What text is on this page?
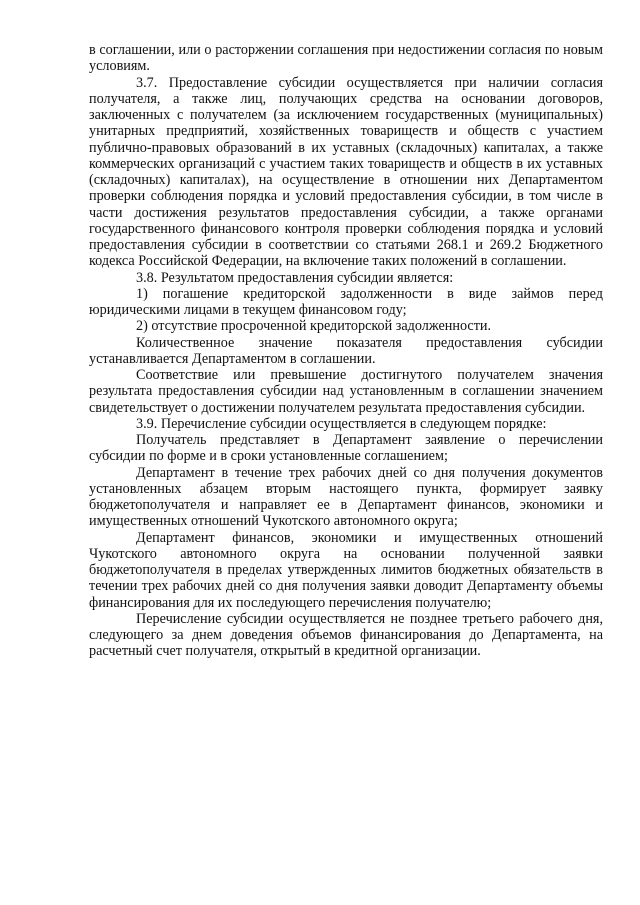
в соглашении, или о расторжении соглашения при недостижении согласия по новым условиям.

3.7. Предоставление субсидии осуществляется при наличии согласия получателя, а также лиц, получающих средства на основании договоров, заключенных с получателем (за исключением государственных (муниципальных) унитарных предприятий, хозяйственных товариществ и обществ с участием публично-правовых образований в их уставных (складочных) капиталах, а также коммерческих организаций с участием таких товариществ и обществ в их уставных (складочных) капиталах), на осуществление в отношении них Департаментом проверки соблюдения порядка и условий предоставления субсидии, в том числе в части достижения результатов предоставления субсидии, а также органами государственного финансового контроля проверки соблюдения порядка и условий предоставления субсидии в соответствии со статьями 268.1 и 269.2 Бюджетного кодекса Российской Федерации, на включение таких положений в соглашении.

3.8. Результатом предоставления субсидии является:

1) погашение кредиторской задолженности в виде займов перед юридическими лицами в текущем финансовом году;

2) отсутствие просроченной кредиторской задолженности.

Количественное значение показателя предоставления субсидии устанавливается Департаментом в соглашении.

Соответствие или превышение достигнутого получателем значения результата предоставления субсидии над установленным в соглашении значением свидетельствует о достижении получателем результата предоставления субсидии.

3.9. Перечисление субсидии осуществляется в следующем порядке:

Получатель представляет в Департамент заявление о перечислении субсидии по форме и в сроки установленные соглашением;

Департамент в течение трех рабочих дней со дня получения документов установленных абзацем вторым настоящего пункта, формирует заявку бюджетополучателя и направляет ее в Департамент финансов, экономики и имущественных отношений Чукотского автономного округа;

Департамент финансов, экономики и имущественных отношений Чукотского автономного округа на основании полученной заявки бюджетополучателя в пределах утвержденных лимитов бюджетных обязательств в течении трех рабочих дней со дня получения заявки доводит Департаменту объемы финансирования для их последующего перечисления получателю;

Перечисление субсидии осуществляется не позднее третьего рабочего дня, следующего за днем доведения объемов финансирования до Департамента, на расчетный счет получателя, открытый в кредитной организации.
